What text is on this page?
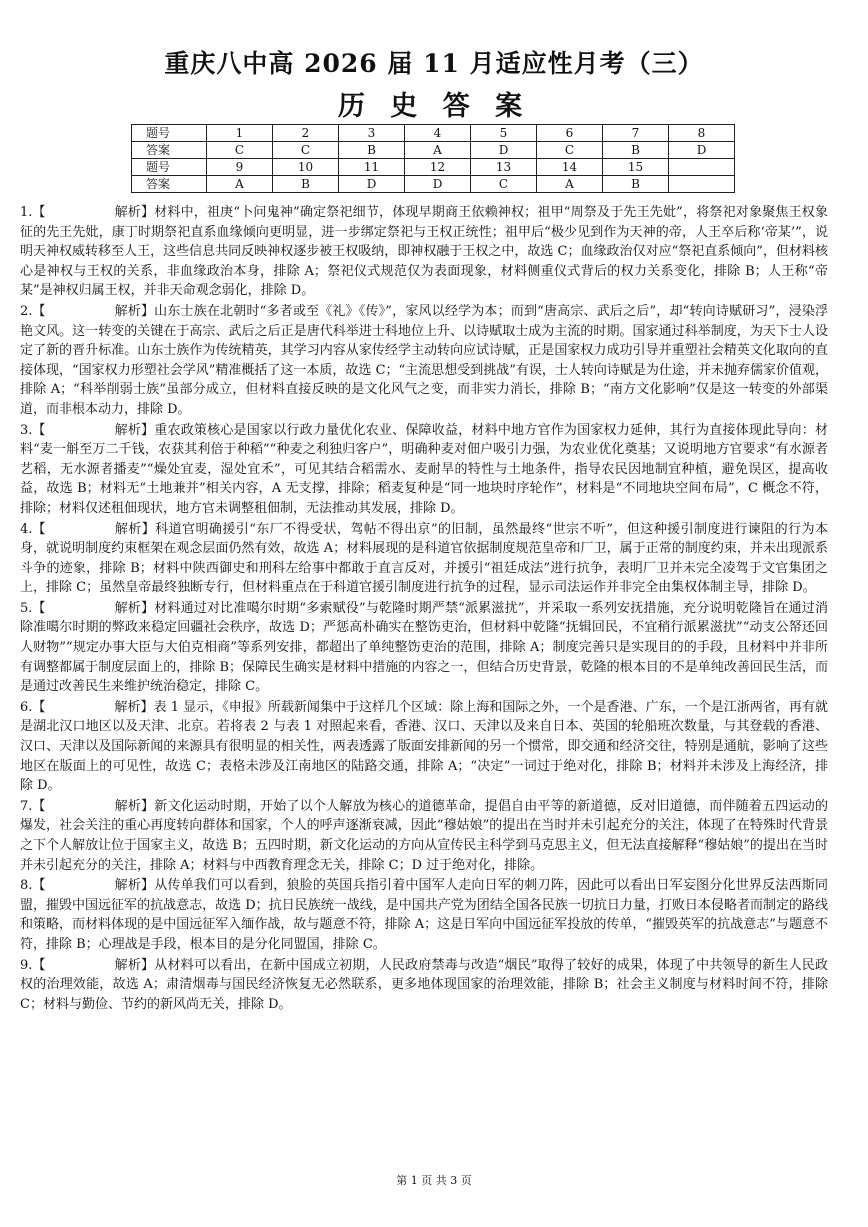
重庆八中高 2026 届 11 月适应性月考（三）
历 史 答 案
题号	1	2	3	4	5	6	7	8
答案	C	C	B	A	D	C	B	D
题号	9	10	11	12	13	14	15	
答案	A	B	D	D	C	A	B	
1.【	解析】材料中，祖庚“卜问鬼神”确定祭祀细节，体现早期商王依赖神权；祖甲“周祭及于先王先妣”，将祭祀对象聚焦王权象征的先王先妣，康丁时期祭祀直系血缘倾向更明显，进一步绑定祭祀与王权正统性；祖甲后“极少见到作为天神的帝，人王卒后称‘帝某’”，说明天神权威转移至人王，这些信息共同反映神权逐步被王权吸纳，即神权融于王权之中，故选 C；血缘政治仅对应“祭祀直系倾向”，但材料核心是神权与王权的关系，非血缘政治本身，排除 A；祭祀仪式规范仅为表面现象，材料侧重仪式背后的权力关系变化，排除 B；人王称“帝某”是神权归属王权，并非天命观念弱化，排除 D。
2.【	解析】山东士族在北朝时“多者或至《礼》《传》”，家风以经学为本；而到“唐高宗、武后之后”，却“转向诗赋研习”，浸染浮艳文风。这一转变的关键在于高宗、武后之后正是唐代科举进士科地位上升、以诗赋取士成为主流的时期。国家通过科举制度，为天下士人设定了新的晋升标准。山东士族作为传统精英，其学习内容从家传经学主动转向应试诗赋，正是国家权力成功引导并重塑社会精英文化取向的直接体现，“国家权力形塑社会学风”精准概括了这一本质，故选 C；“主流思想受到挑战”有误，士人转向诗赋是为仕途，并未抛弃儒家价值观，排除 A；“科举削弱士族”虽部分成立，但材料直接反映的是文化风气之变，而非实力消长，排除 B；“南方文化影响”仅是这一转变的外部渠道，而非根本动力，排除 D。
3.【	解析】重农政策核心是国家以行政力量优化农业、保障收益，材料中地方官作为国家权力延伸，其行为直接体现此导向：材料“麦一斛至万二千钱，农获其利倍于种稻”“种麦之利独归客户”，明确种麦对佃户吸引力强，为农业优化奠基；又说明地方官要求“有水源者艺稻，无水源者播麦”“燥处宜麦，湿处宜禾”，可见其结合稻需水、麦耐旱的特性与土地条件，指导农民因地制宜种植，避免误区，提高收益，故选 B；材料无“土地兼并”相关内容，A 无支撑，排除；稻麦复种是“同一地块时序轮作”，材料是“不同地块空间布局”，C 概念不符，排除；材料仅述租佃现状，地方官未调整租佃制，无法推动其发展，排除 D。
4.【	解析】科道官明确援引“东厂不得受状，驾帖不得出京”的旧制，虽然最终“世宗不听”，但这种援引制度进行谏阻的行为本身，就说明制度约束框架在观念层面仍然有效，故选 A；材料展现的是科道官依据制度规范皇帝和厂卫，属于正常的制度约束，并未出现派系斗争的迹象，排除 B；材料中陕西御史和刑科左给事中都敢于直言反对，并援引“祖廷成法”进行抗争，表明厂卫并未完全凌驾于文官集团之上，排除 C；虽然皇帝最终独断专行，但材料重点在于科道官援引制度进行抗争的过程，显示司法运作并非完全由集权体制主导，排除 D。
5.【	解析】材料通过对比准噶尔时期“多索赋役”与乾隆时期严禁“派累滋扰”，并采取一系列安抚措施，充分说明乾隆旨在通过消除准噶尔时期的弊政来稳定回疆社会秩序，故选 D；严惩高朴确实在整饬吏治，但材料中乾隆“抚辑回民，不宜稍行派累滋扰”“动支公帑还回人财物”“规定办事大臣与大伯克相商”等系列安排，都超出了单纯整饬吏治的范围，排除 A；制度完善只是实现目的的手段，且材料中并非所有调整都属于制度层面上的，排除 B；保障民生确实是材料中措施的内容之一，但结合历史背景，乾隆的根本目的不是单纯改善回民生活，而是通过改善民生来维护统治稳定，排除 C。
6.【	解析】表 1 显示，《申报》所载新闻集中于这样几个区域：除上海和国际之外，一个是香港、广东，一个是江浙两省，再有就是湖北汉口地区以及天津、北京。若将表 2 与表 1 对照起来看，香港、汉口、天津以及来自日本、英国的轮船班次数量，与其登载的香港、汉口、天津以及国际新闻的来源具有很明显的相关性，两表透露了版面安排新闻的另一个惯常，即交通和经济交往，特别是通航，影响了这些地区在版面上的可见性，故选 C；表格未涉及江南地区的陆路交通，排除 A；“决定”一词过于绝对化，排除 B；材料并未涉及上海经济，排除 D。
7.【	解析】新文化运动时期，开始了以个人解放为核心的道德革命，提倡自由平等的新道德，反对旧道德，而伴随着五四运动的爆发，社会关注的重心再度转向群体和国家，个人的呼声逐渐衰减，因此“穆姑娘”的提出在当时并未引起充分的关注，体现了在特殊时代背景之下个人解放让位于国家主义，故选 B；五四时期，新文化运动的方向从宣传民主科学到马克思主义，但无法直接解释“穆姑娘”的提出在当时并未引起充分的关注，排除 A；材料与中西教育理念无关，排除 C；D 过于绝对化，排除。
8.【	解析】从传单我们可以看到，狼脸的英国兵指引着中国军人走向日军的刺刀阵，因此可以看出日军妄图分化世界反法西斯同盟，摧毁中国远征军的抗战意志，故选 D；抗日民族统一战线，是中国共产党为团结全国各民族一切抗日力量，打败日本侵略者而制定的路线和策略，而材料体现的是中国远征军入缅作战，故与题意不符，排除 A；这是日军向中国远征军投放的传单，“摧毁英军的抗战意志”与题意不符，排除 B；心理战是手段，根本目的是分化同盟国，排除 C。
9.【	解析】从材料可以看出，在新中国成立初期，人民政府禁毒与改造“烟民”取得了较好的成果，体现了中共领导的新生人民政权的治理效能，故选 A；肃清烟毒与国民经济恢复无必然联系，更多地体现国家的治理效能，排除 B；社会主义制度与材料时间不符，排除 C；材料与勤俭、节约的新风尚无关，排除 D。
第 1 页 共 3 页
